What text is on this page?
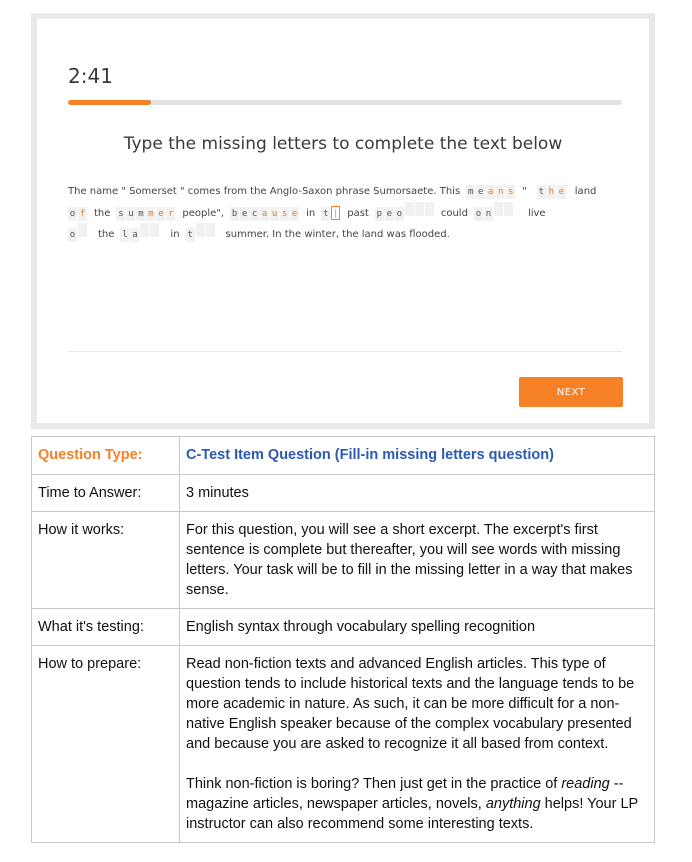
2:41
Type the missing letters to complete the text below
The name " Somerset " comes from the Anglo-Saxon phrase Sumorsaete. This m e a n s " t h e land
o f the s u m m e r people", b e c a u s e in t | past p e o	could o n	live
o the l a	in t	summer. In the winter, the land was flooded.
NEXT
Question Type:	C-Test Item Question (Fill-in missing letters question)
Time to Answer:	3 minutes
How it works:	For this question, you will see a short excerpt. The excerpt's first sentence is complete but thereafter, you will see words with missing letters. Your task will be to fill in the missing letter in a way that makes sense.
What it's testing:	English syntax through vocabulary spelling recognition
How to prepare:	Read non-fiction texts and advanced English articles. This type of question tends to include historical texts and the language tends to be more academic in nature. As such, it can be more difficult for a non-native English speaker because of the complex vocabulary presented and because you are asked to recognize it all based from context.
Think non-fiction is boring? Then just get in the practice of reading -- magazine articles, newspaper articles, novels, anything helps! Your LP instructor can also recommend some interesting texts.
